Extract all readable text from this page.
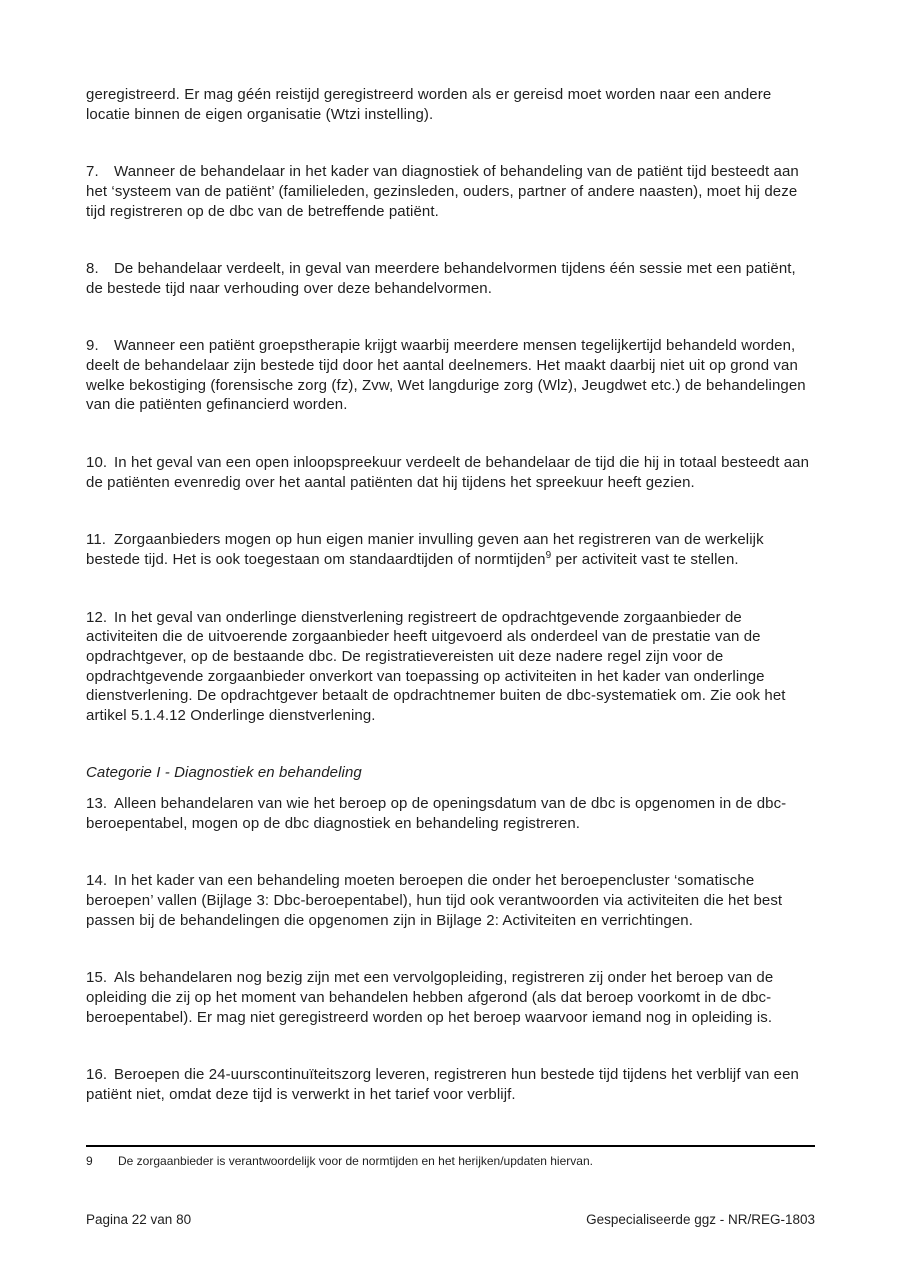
geregistreerd. Er mag géén reistijd geregistreerd worden als er gereisd moet worden naar een andere locatie binnen de eigen organisatie (Wtzi instelling).

7. Wanneer de behandelaar in het kader van diagnostiek of behandeling van de patiënt tijd besteedt aan het ‘systeem van de patiënt’ (familieleden, gezinsleden, ouders, partner of andere naasten), moet hij deze tijd registreren op de dbc van de betreffende patiënt.

8. De behandelaar verdeelt, in geval van meerdere behandelvormen tijdens één sessie met een patiënt, de bestede tijd naar verhouding over deze behandelvormen.

9. Wanneer een patiënt groepstherapie krijgt waarbij meerdere mensen tegelijkertijd behandeld worden, deelt de behandelaar zijn bestede tijd door het aantal deelnemers. Het maakt daarbij niet uit op grond van welke bekostiging (forensische zorg (fz), Zvw, Wet langdurige zorg (Wlz), Jeugdwet etc.) de behandelingen van die patiënten gefinancierd worden.

10. In het geval van een open inloopspreekuur verdeelt de behandelaar de tijd die hij in totaal besteedt aan de patiënten evenredig over het aantal patiënten dat hij tijdens het spreekuur heeft gezien.

11. Zorgaanbieders mogen op hun eigen manier invulling geven aan het registreren van de werkelijk bestede tijd. Het is ook toegestaan om standaardtijden of normtijden$^9$ per activiteit vast te stellen.

12. In het geval van onderlinge dienstverlening registreert de opdrachtgevende zorgaanbieder de activiteiten die de uitvoerende zorgaanbieder heeft uitgevoerd als onderdeel van de prestatie van de opdrachtgever, op de bestaande dbc. De registratievereisten uit deze nadere regel zijn voor de opdrachtgevende zorgaanbieder onverkort van toepassing op activiteiten in het kader van onderlinge dienstverlening. De opdrachtgever betaalt de opdrachtnemer buiten de dbc-systematiek om. Zie ook het artikel 5.1.4.12 Onderlinge dienstverlening.

Categorie I - Diagnostiek en behandeling

13. Alleen behandelaren van wie het beroep op de openingsdatum van de dbc is opgenomen in de dbc-beroepentabel, mogen op de dbc diagnostiek en behandeling registreren.

14. In het kader van een behandeling moeten beroepen die onder het beroepencluster ‘somatische beroepen’ vallen (Bijlage 3: Dbc-beroepentabel), hun tijd ook verantwoorden via activiteiten die het best passen bij de behandelingen die opgenomen zijn in Bijlage 2: Activiteiten en verrichtingen.

15. Als behandelaren nog bezig zijn met een vervolgopleiding, registreren zij onder het beroep van de opleiding die zij op het moment van behandelen hebben afgerond (als dat beroep voorkomt in de dbc-beroepentabel). Er mag niet geregistreerd worden op het beroep waarvoor iemand nog in opleiding is.

16. Beroepen die 24-uurscontinuïteitszorg leveren, registreren hun bestede tijd tijdens het verblijf van een patiënt niet, omdat deze tijd is verwerkt in het tarief voor verblijf.

9 De zorgaanbieder is verantwoordelijk voor de normtijden en het herijken/updaten hiervan.
Pagina 22 van 80	Gespecialiseerde ggz - NR/REG-1803
